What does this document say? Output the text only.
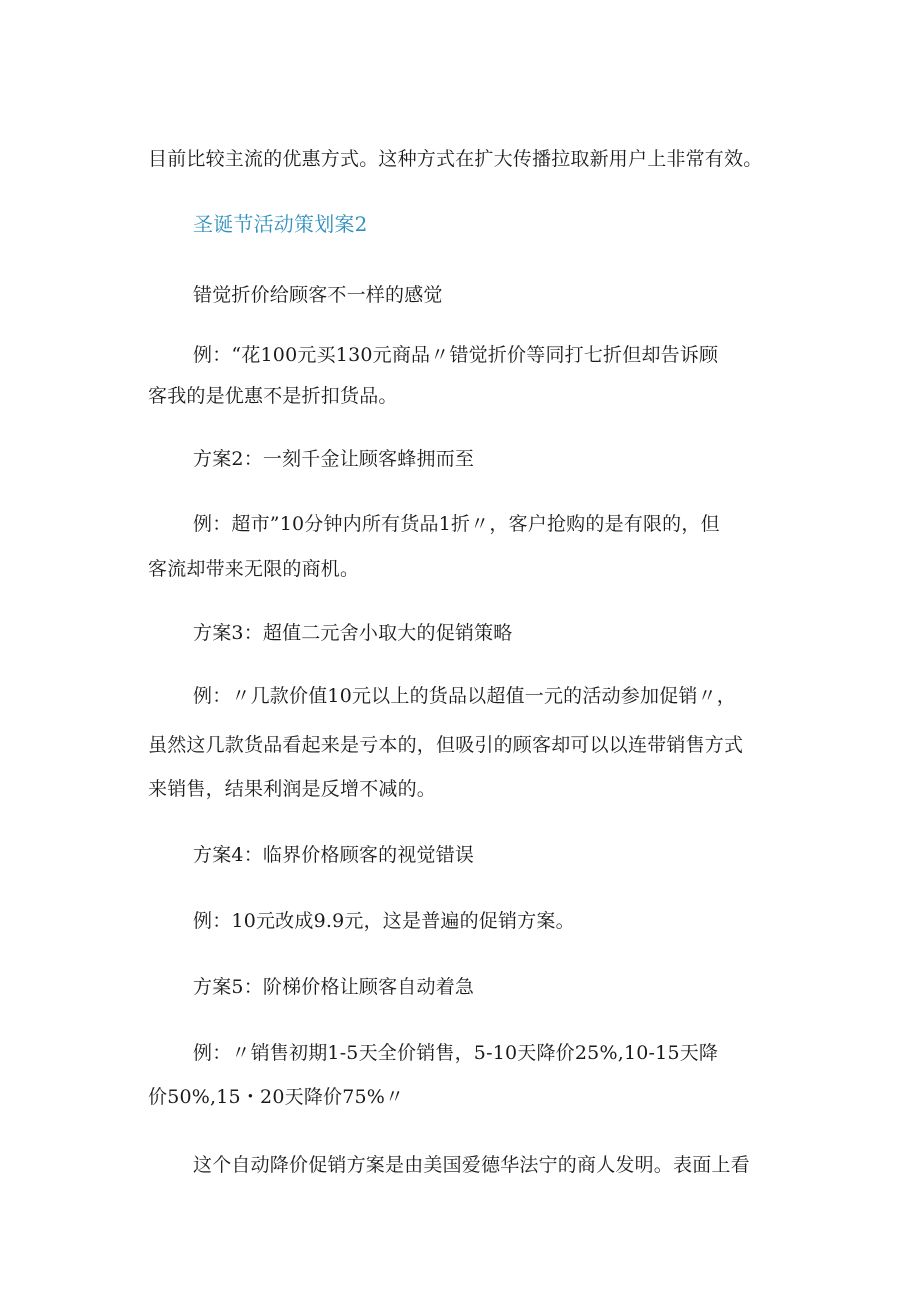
目前比较主流的优惠方式。这种方式在扩大传播拉取新用户上非常有效。
圣诞节活动策划案2
错觉折价给顾客不一样的感觉
例：“花100元买130元商品〃错觉折价等同打七折但却告诉顾
客我的是优惠不是折扣货品。
方案2：一刻千金让顾客蜂拥而至
例：超市”10分钟内所有货品1折〃，客户抢购的是有限的，但
客流却带来无限的商机。
方案3：超值二元舍小取大的促销策略
例：〃几款价值10元以上的货品以超值一元的活动参加促销〃，
虽然这几款货品看起来是亏本的，但吸引的顾客却可以以连带销售方式
来销售，结果利润是反增不减的。
方案4：临界价格顾客的视觉错误
例：10元改成9.9元，这是普遍的促销方案。
方案5：阶梯价格让顾客自动着急
例：〃销售初期1-5天全价销售，5-10天降价25%,10-15天降
价50%,15・20天降价75%〃
这个自动降价促销方案是由美国爱德华法宁的商人发明。表面上看
